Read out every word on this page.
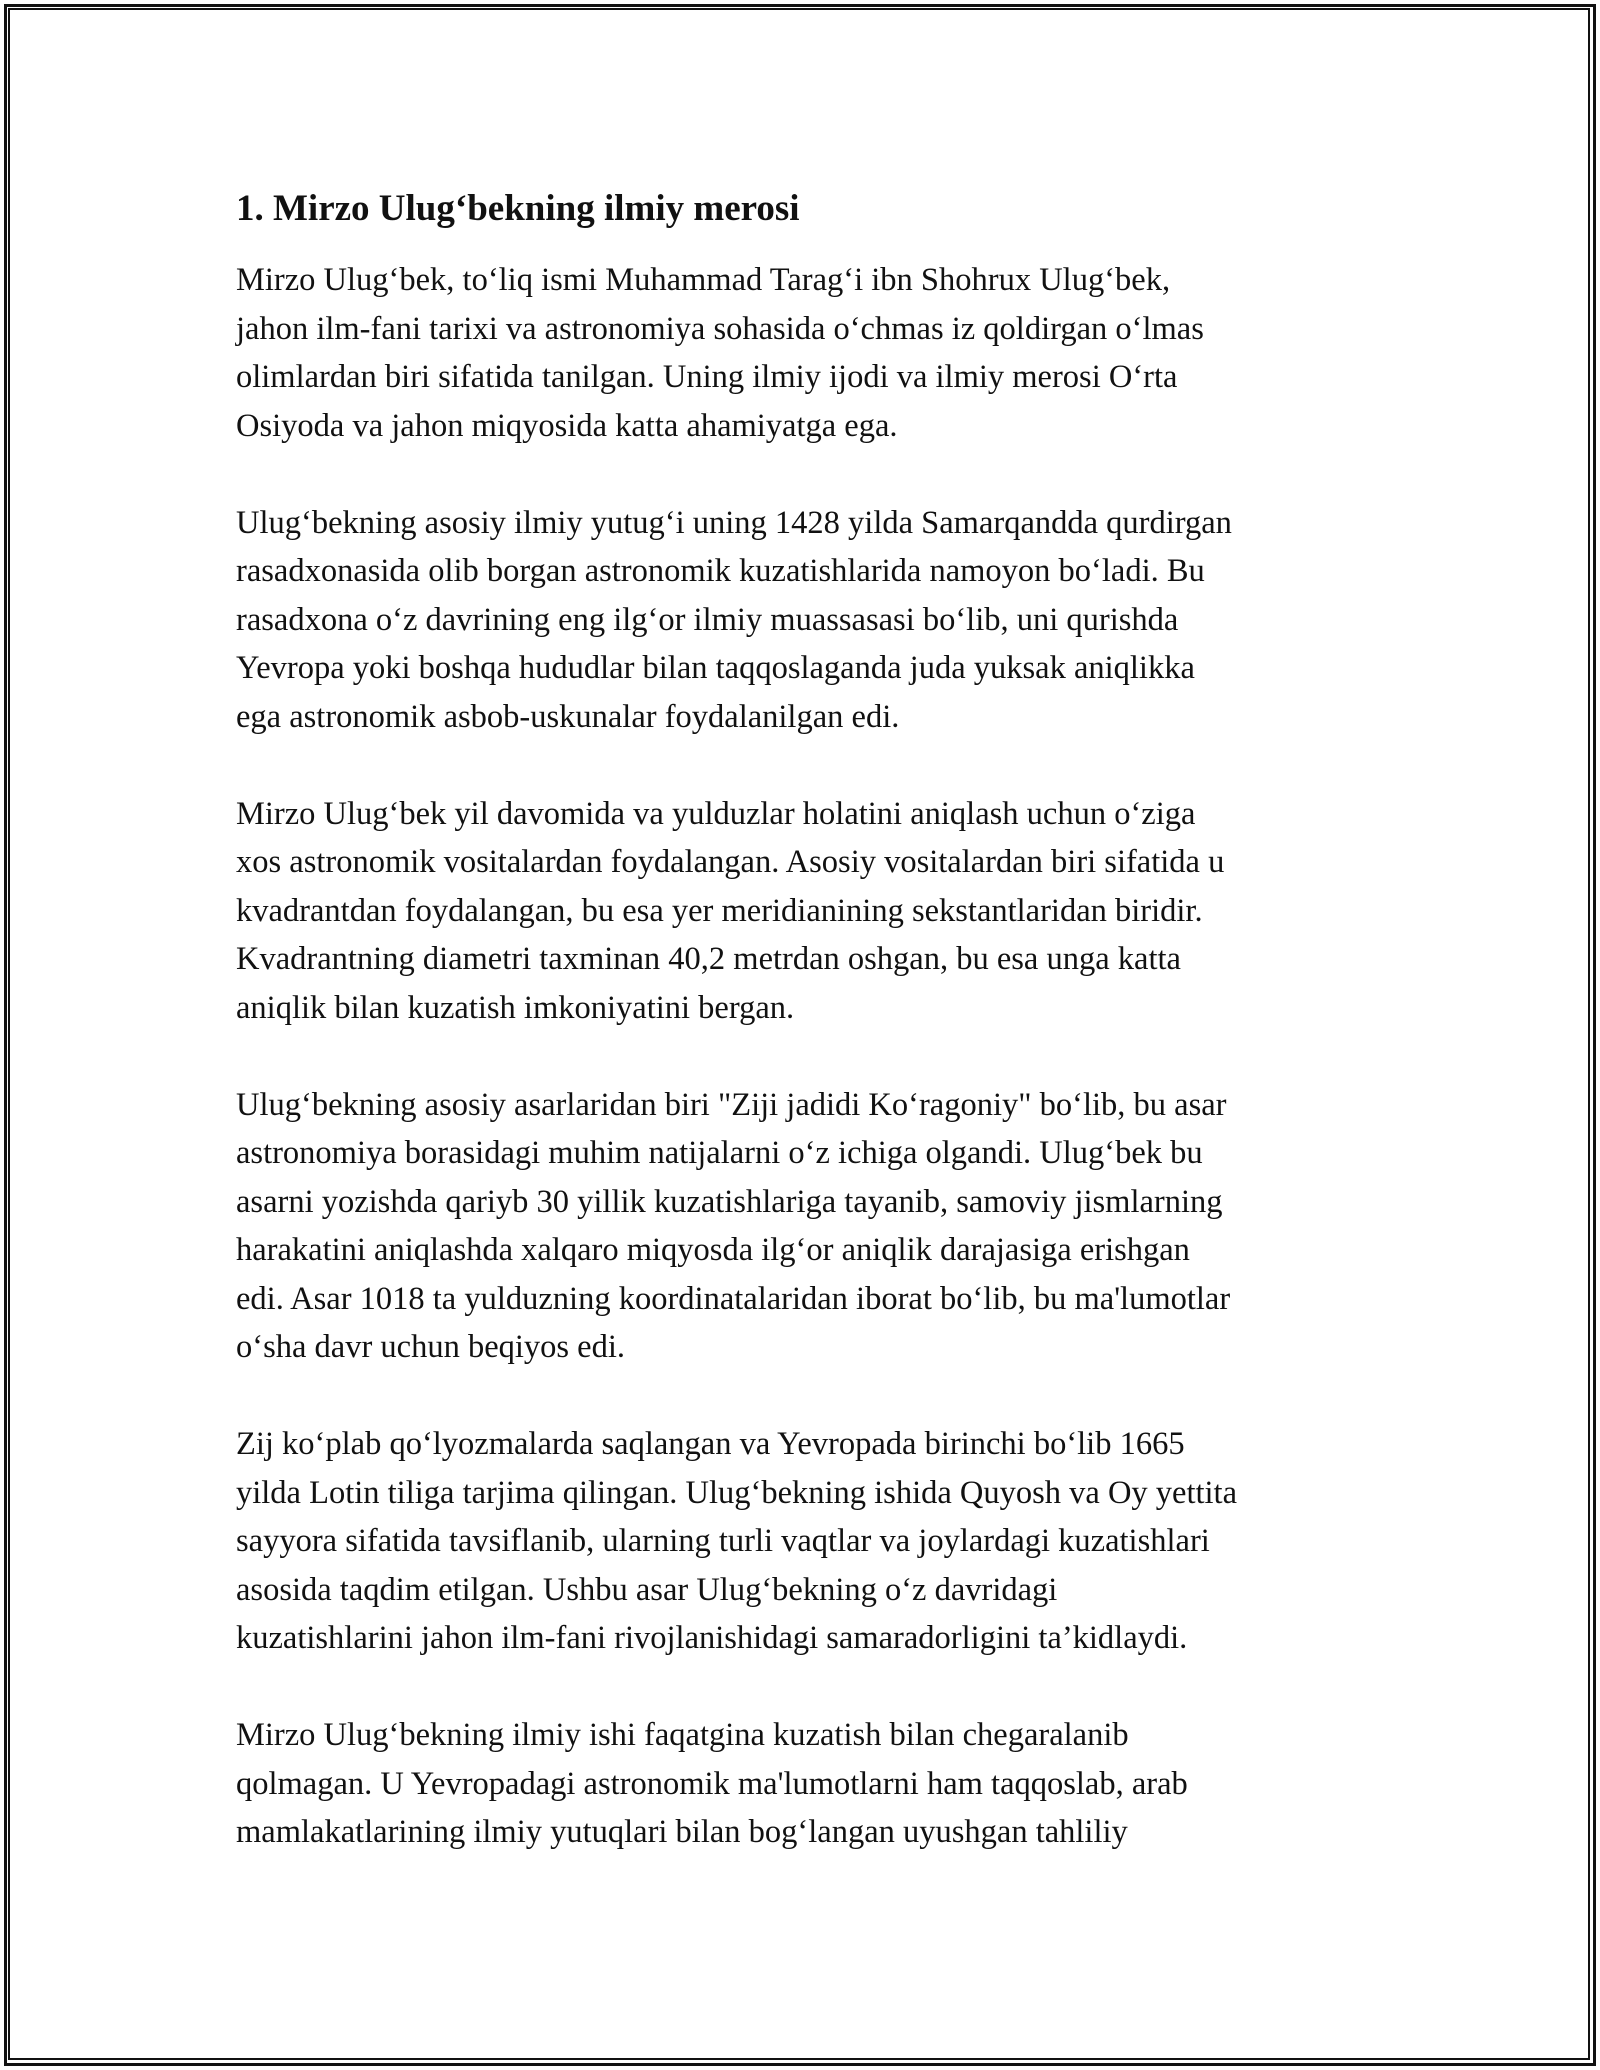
1. Mirzo Ulug‘bekning ilmiy merosi

Mirzo Ulug‘bek, to‘liq ismi Muhammad Tarag‘i ibn Shohrux Ulug‘bek,
jahon ilm-fani tarixi va astronomiya sohasida o‘chmas iz qoldirgan o‘lmas
olimlardan biri sifatida tanilgan. Uning ilmiy ijodi va ilmiy merosi O‘rta
Osiyoda va jahon miqyosida katta ahamiyatga ega.

Ulug‘bekning asosiy ilmiy yutug‘i uning 1428 yilda Samarqandda qurdirgan
rasadxonasida olib borgan astronomik kuzatishlarida namoyon bo‘ladi. Bu
rasadxona o‘z davrining eng ilg‘or ilmiy muassasasi bo‘lib, uni qurishda
Yevropa yoki boshqa hududlar bilan taqqoslaganda juda yuksak aniqlikka
ega astronomik asbob-uskunalar foydalanilgan edi.

Mirzo Ulug‘bek yil davomida va yulduzlar holatini aniqlash uchun o‘ziga
xos astronomik vositalardan foydalangan. Asosiy vositalardan biri sifatida u
kvadrantdan foydalangan, bu esa yer meridianining sekstantlaridan biridir.
Kvadrantning diametri taxminan 40,2 metrdan oshgan, bu esa unga katta
aniqlik bilan kuzatish imkoniyatini bergan.

Ulug‘bekning asosiy asarlaridan biri "Ziji jadidi Ko‘ragoniy" bo‘lib, bu asar
astronomiya borasidagi muhim natijalarni o‘z ichiga olgandi. Ulug‘bek bu
asarni yozishda qariyb 30 yillik kuzatishlariga tayanib, samoviy jismlarning
harakatini aniqlashda xalqaro miqyosda ilg‘or aniqlik darajasiga erishgan
edi. Asar 1018 ta yulduzning koordinatalaridan iborat bo‘lib, bu ma'lumotlar
o‘sha davr uchun beqiyos edi.

Zij ko‘plab qo‘lyozmalarda saqlangan va Yevropada birinchi bo‘lib 1665
yilda Lotin tiliga tarjima qilingan. Ulug‘bekning ishida Quyosh va Oy yettita
sayyora sifatida tavsiflanib, ularning turli vaqtlar va joylardagi kuzatishlari
asosida taqdim etilgan. Ushbu asar Ulug‘bekning o‘z davridagi
kuzatishlarini jahon ilm-fani rivojlanishidagi samaradorligini ta’kidlaydi.

Mirzo Ulug‘bekning ilmiy ishi faqatgina kuzatish bilan chegaralanib
qolmagan. U Yevropadagi astronomik ma'lumotlarni ham taqqoslab, arab
mamlakatlarining ilmiy yutuqlari bilan bog‘langan uyushgan tahliliy
